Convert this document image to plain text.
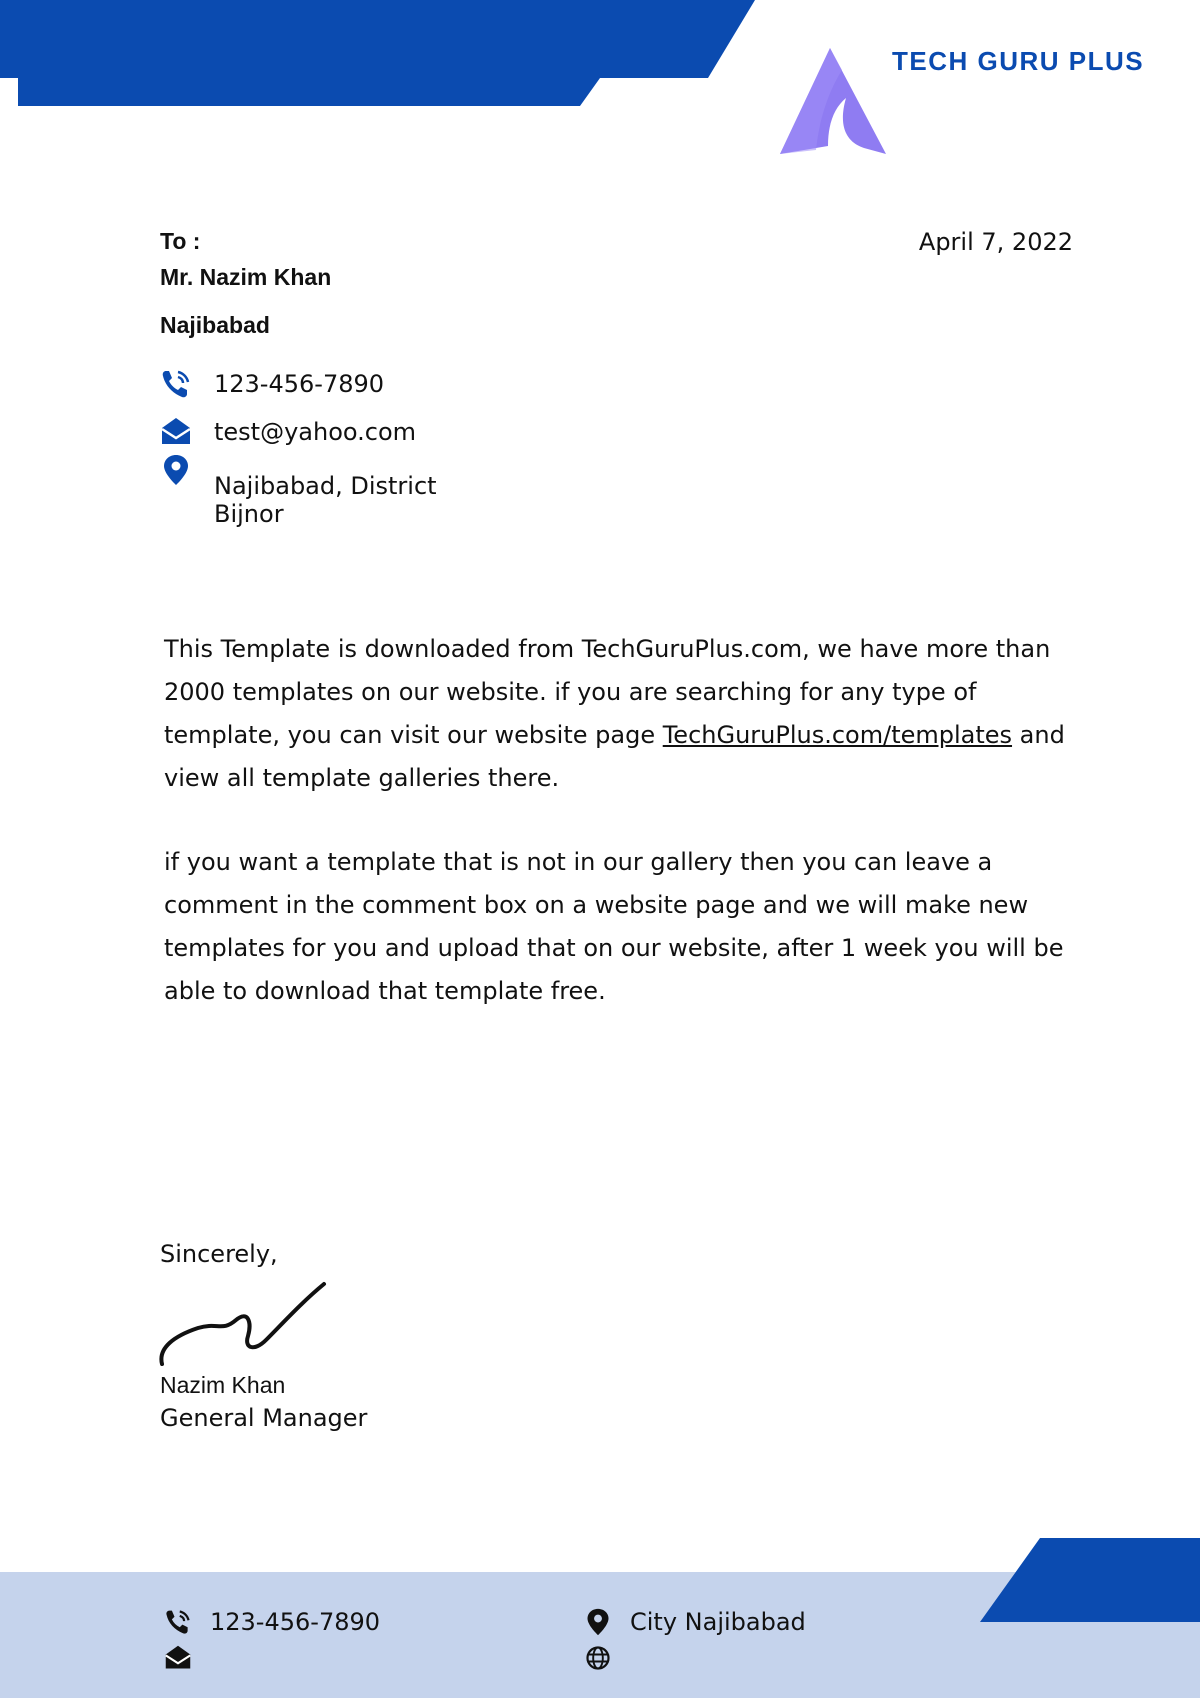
TECH GURU PLUS
To :
Mr. Nazim Khan
Najibabad
April 7, 2022
123-456-7890
test@yahoo.com
Najibabad, District
Bijnor
This Template is downloaded from TechGuruPlus.com, we have more than 2000 templates on our website. if you are searching for any type of template, you can visit our website page TechGuruPlus.com/templates and view all template galleries there.
if you want a template that is not in our gallery then you can leave a comment in the comment box on a website page and we will make new templates for you and upload that on our website, after 1 week you will be able to download that template free.
Sincerely,
Nazim Khan
General Manager
123-456-7890	City Najibabad
